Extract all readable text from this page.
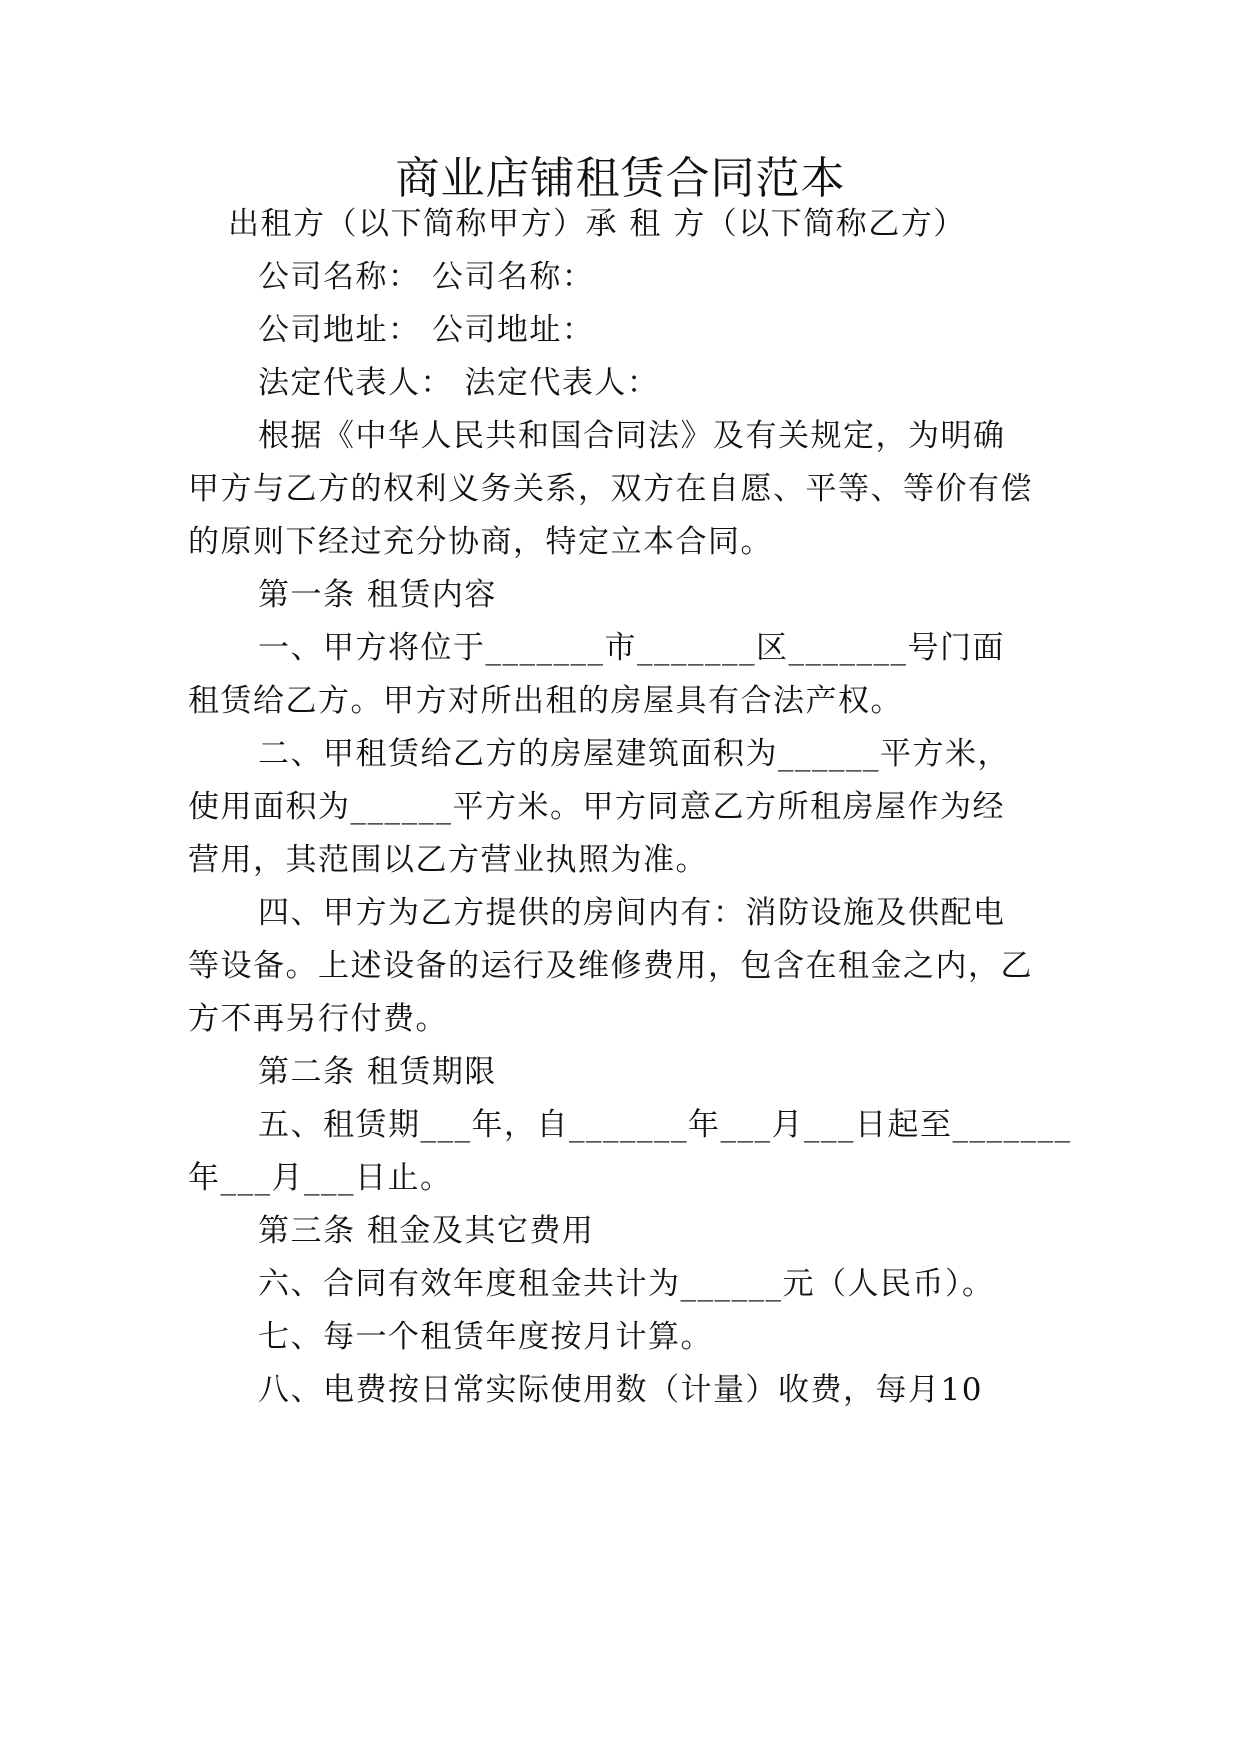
商业店铺租赁合同范本
出租方（以下简称甲方）承 租 方（以下简称乙方）
公司名称： 公司名称：
公司地址： 公司地址：
法定代表人： 法定代表人：
根据《中华人民共和国合同法》及有关规定，为明确
甲方与乙方的权利义务关系，双方在自愿、平等、等价有偿
的原则下经过充分协商，特定立本合同。
第一条 租赁内容
一、甲方将位于_______市_______区_______号门面
租赁给乙方。甲方对所出租的房屋具有合法产权。
二、甲租赁给乙方的房屋建筑面积为______平方米，
使用面积为______平方米。甲方同意乙方所租房屋作为经
营用，其范围以乙方营业执照为准。
四、甲方为乙方提供的房间内有：消防设施及供配电
等设备。上述设备的运行及维修费用，包含在租金之内，乙
方不再另行付费。
第二条 租赁期限
五、租赁期___年，自_______年___月___日起至_______
年___月___日止。
第三条 租金及其它费用
六、合同有效年度租金共计为______元（人民币）。
七、每一个租赁年度按月计算。
八、电费按日常实际使用数（计量）收费，每月10
